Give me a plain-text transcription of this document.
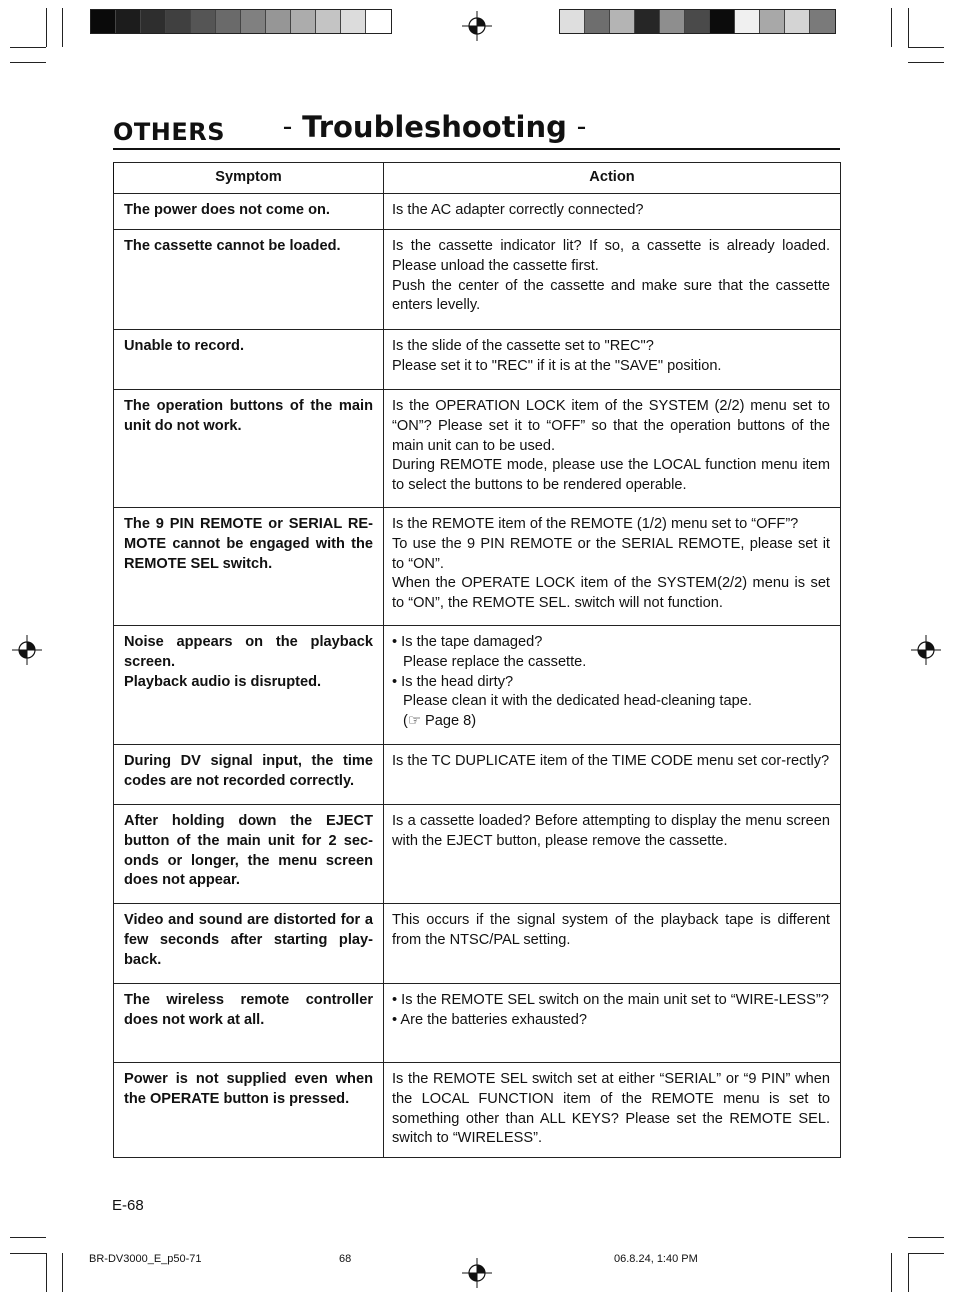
OTHERS	– Troubleshooting –
Symptom	Action

The power does not come on.	Is the AC adapter correctly connected?

The cassette cannot be loaded.	Is the cassette indicator lit? If so, a cassette is already loaded. Please unload the cassette first.
Push the center of the cassette and make sure that the cassette enters levelly.

Unable to record.	Is the slide of the cassette set to "REC"?
Please set it to "REC" if it is at the "SAVE" position.

The operation buttons of the main unit do not work.	Is the OPERATION LOCK item of the SYSTEM (2/2) menu set to “ON”? Please set it to “OFF” so that the operation buttons of the main unit can to be used.
During REMOTE mode, please use the LOCAL function menu item to select the buttons to be rendered operable.

The 9 PIN REMOTE or SERIAL RE-MOTE cannot be engaged with the REMOTE SEL switch.	Is the REMOTE item of the REMOTE (1/2) menu set to “OFF”?
To use the 9 PIN REMOTE or the SERIAL REMOTE, please set it to “ON”.
When the OPERATE LOCK item of the SYSTEM(2/2) menu is set to “ON”, the REMOTE SEL. switch will not function.

Noise appears on the playback screen.
Playback audio is disrupted.	• Is the tape damaged?
Please replace the cassette.
• Is the head dirty?
Please clean it with the dedicated head-cleaning tape.
(☞ Page 8)

During DV signal input, the time codes are not recorded correctly.	Is the TC DUPLICATE item of the TIME CODE menu set cor-rectly?

After holding down the EJECT button of the main unit for 2 sec-onds or longer, the menu screen does not appear.	Is a cassette loaded? Before attempting to display the menu screen with the EJECT button, please remove the cassette.

Video and sound are distorted for a few seconds after starting play-back.	This occurs if the signal system of the playback tape is different from the NTSC/PAL setting.

The wireless remote controller does not work at all.	• Is the REMOTE SEL switch on the main unit set to “WIRE-LESS”?
• Are the batteries exhausted?

Power is not supplied even when the OPERATE button is pressed.	Is the REMOTE SEL switch set at either “SERIAL” or “9 PIN” when the LOCAL FUNCTION item of the REMOTE menu is set to something other than ALL KEYS? Please set the REMOTE SEL. switch to “WIRELESS”.
E-68
BR-DV3000_E_p50-71	68	06.8.24, 1:40 PM
